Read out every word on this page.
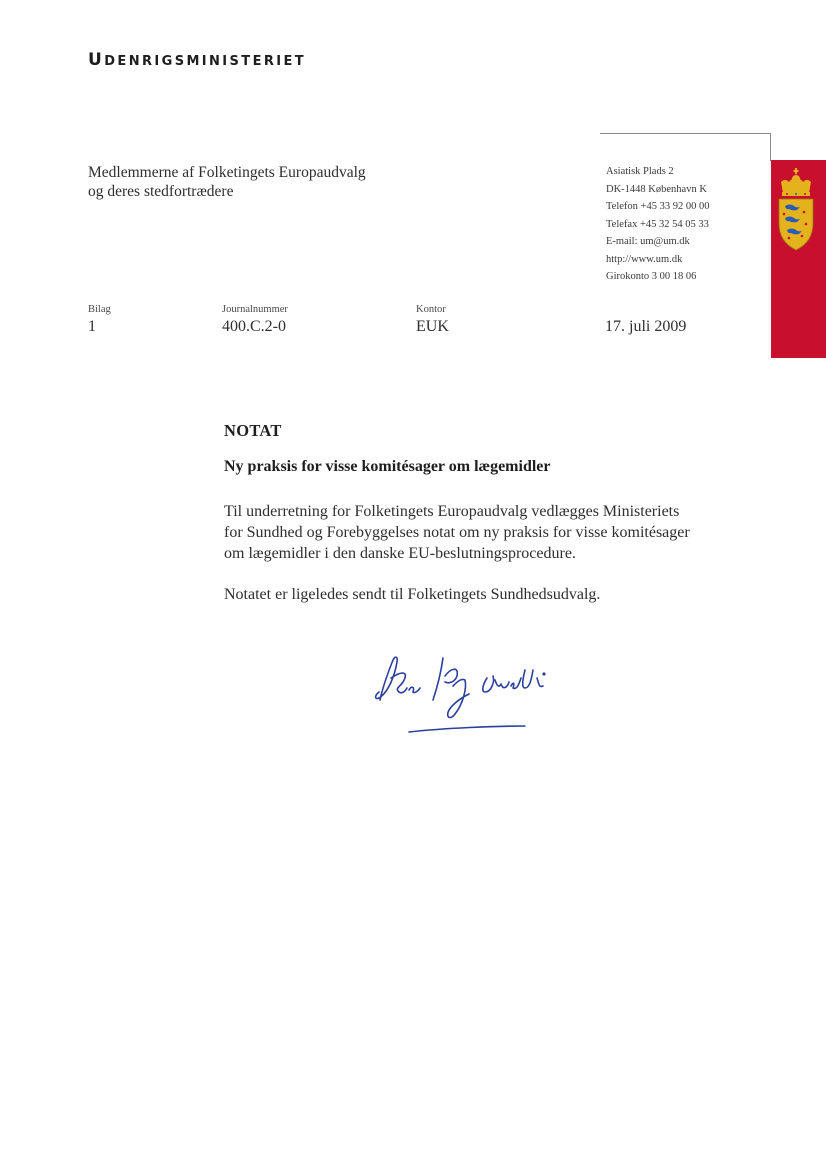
UDENRIGSMINISTERIET
Medlemmerne af Folketingets Europaudvalg
og deres stedfortrædere
Asiatisk Plads 2
DK-1448 København K
Telefon +45 33 92 00 00
Telefax +45 32 54 05 33
E-mail: um@um.dk
http://www.um.dk
Girokonto 3 00 18 06
Bilag
1
Journalnummer
400.C.2-0
Kontor
EUK	17. juli 2009
NOTAT
Ny praksis for visse komitésager om lægemidler

Til underretning for Folketingets Europaudvalg vedlægges Ministeriets
for Sundhed og Forebyggelses notat om ny praksis for visse komitésager
om lægemidler i den danske EU-beslutningsprocedure.

Notatet er ligeledes sendt til Folketingets Sundhedsudvalg.
